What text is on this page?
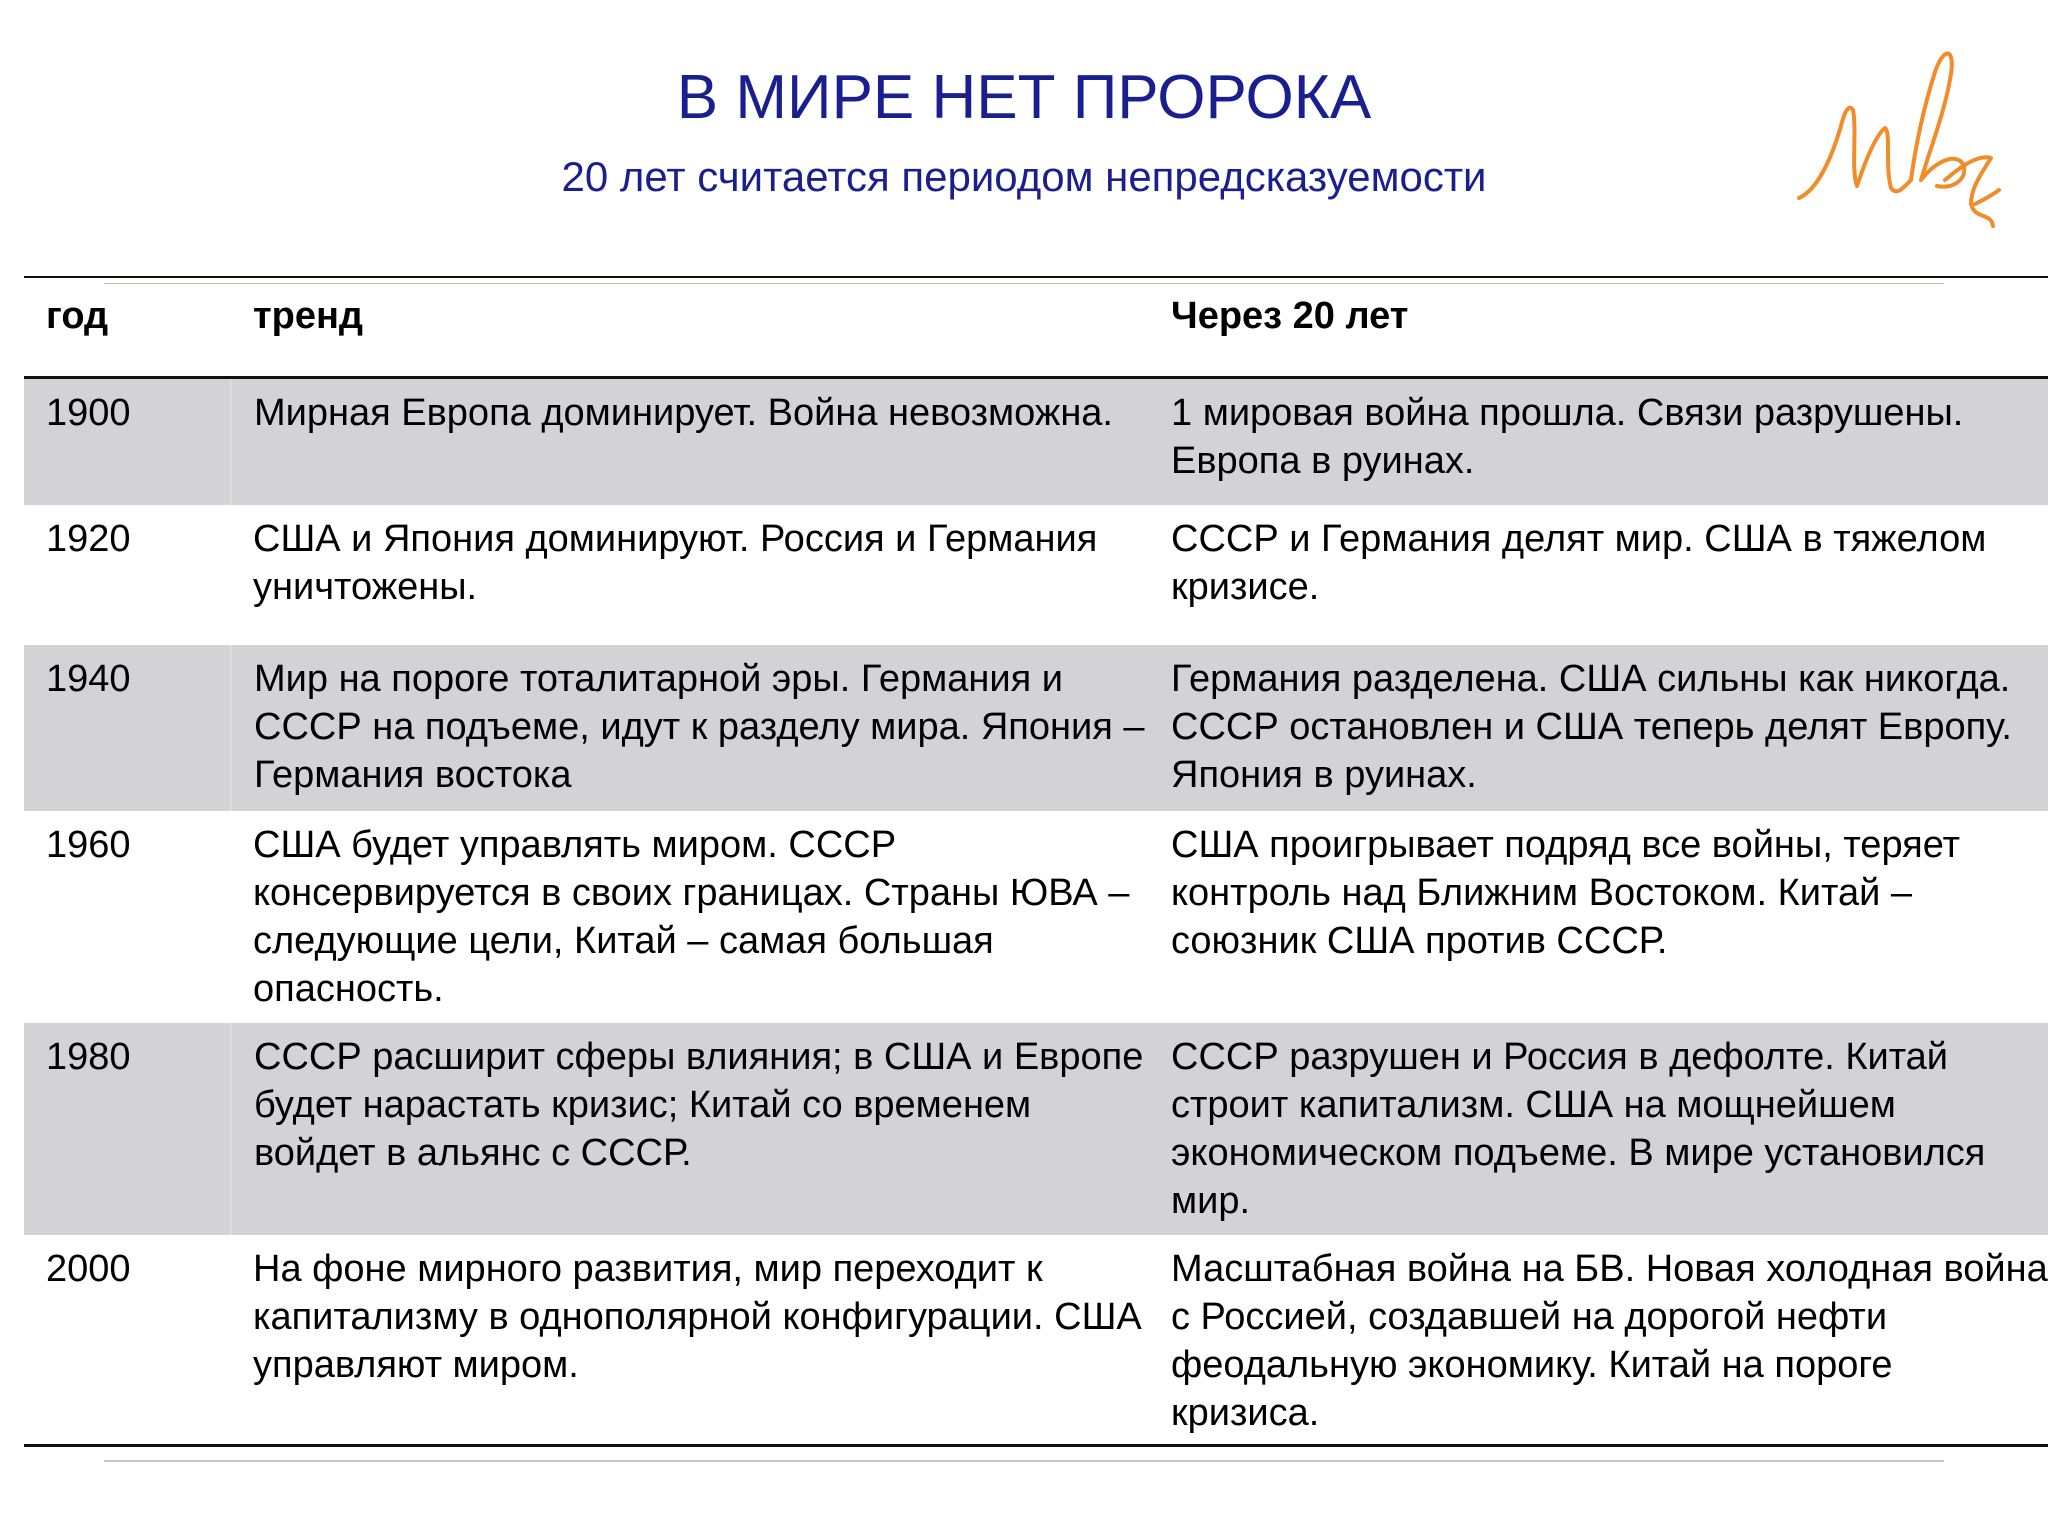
В МИРЕ НЕТ ПРОРОКА
20 лет считается периодом непредсказуемости
год	тренд	Через 20 лет
1900	Мирная Европа доминирует. Война невозможна.	1 мировая война прошла. Связи разрушены. Европа в руинах.
1920	США и Япония доминируют. Россия и Германия уничтожены.	СССР и Германия делят мир. США в тяжелом кризисе.
1940	Мир на пороге тоталитарной эры. Германия и СССР на подъеме, идут к разделу мира. Япония – Германия востока	Германия разделена. США сильны как никогда. СССР остановлен и США теперь делят Европу. Япония в руинах.
1960	США будет управлять миром. СССР консервируется в своих границах. Страны ЮВА – следующие цели, Китай – самая большая опасность.	США проигрывает подряд все войны, теряет контроль над Ближним Востоком. Китай – союзник США против СССР.
1980	СССР расширит сферы влияния; в США и Европе будет нарастать кризис; Китай со временем войдет в альянс с СССР.	СССР разрушен и Россия в дефолте. Китай строит капитализм. США на мощнейшем экономическом подъеме. В мире установился мир.
2000	На фоне мирного развития, мир переходит к капитализму в однополярной конфигурации. США управляют миром.	Масштабная война на БВ. Новая холодная война с Россией, создавшей на дорогой нефти феодальную экономику. Китай на пороге кризиса.
